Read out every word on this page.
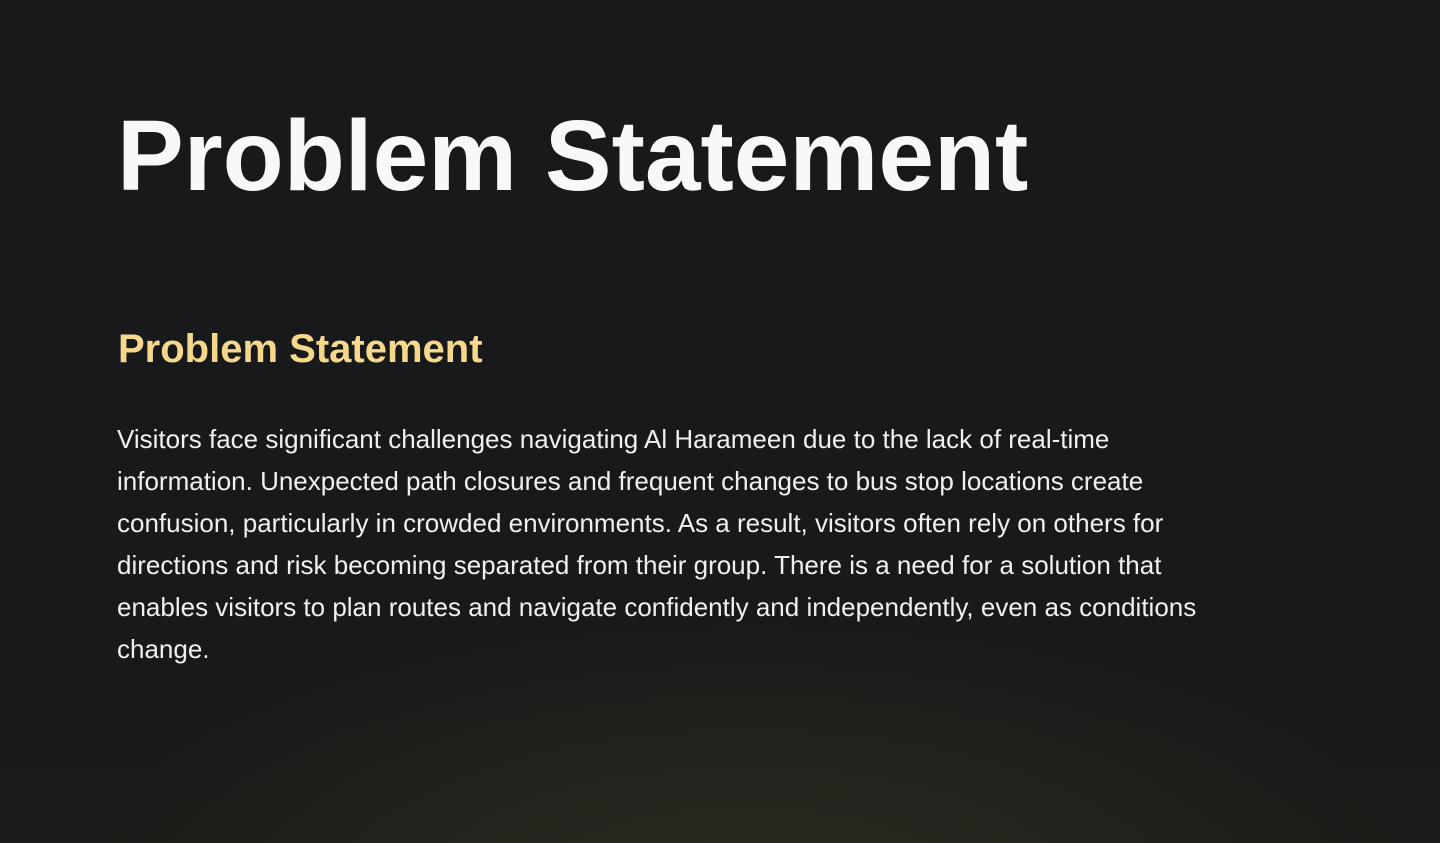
Problem Statement
Problem Statement
Visitors face significant challenges navigating Al Harameen due to the lack of real-time
information. Unexpected path closures and frequent changes to bus stop locations create
confusion, particularly in crowded environments. As a result, visitors often rely on others for
directions and risk becoming separated from their group. There is a need for a solution that
enables visitors to plan routes and navigate confidently and independently, even as conditions
change.
